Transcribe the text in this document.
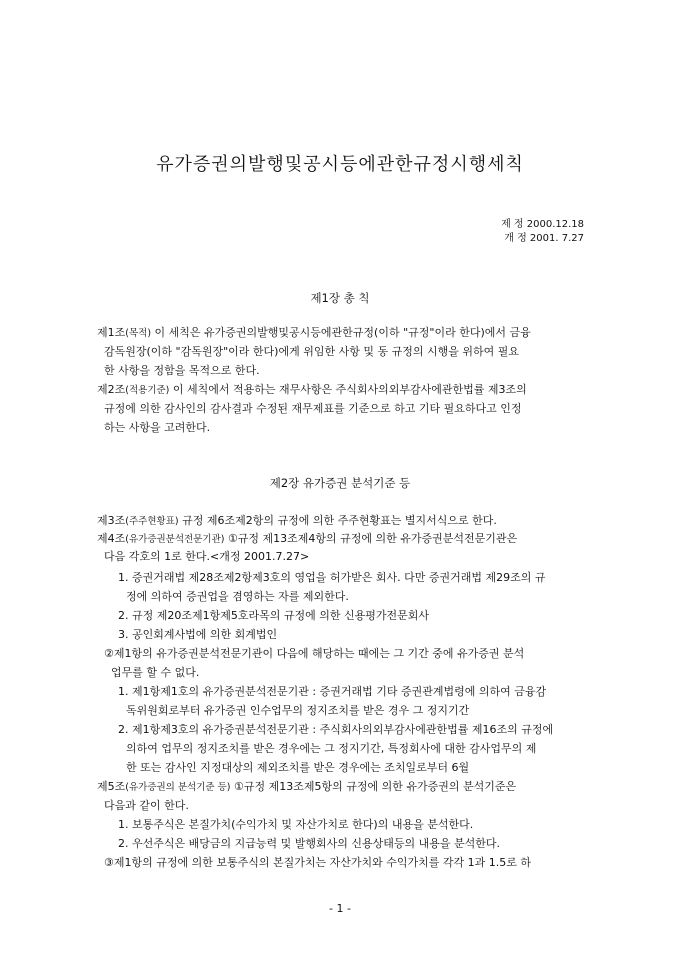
유가증권의발행및공시등에관한규정시행세칙
제 정 2000.12.18
개 정 2001. 7.27
제1장 총 칙
제1조(목적) 이 세칙은 유가증권의발행및공시등에관한규정(이하 "규정"이라 한다)에서 금융
감독원장(이하 "감독원장"이라 한다)에게 위임한 사항 및 동 규정의 시행을 위하여 필요
한 사항을 정함을 목적으로 한다.
제2조(적용기준) 이 세칙에서 적용하는 재무사항은 주식회사의외부감사에관한법률 제3조의
규정에 의한 감사인의 감사결과 수정된 재무제표를 기준으로 하고 기타 필요하다고 인정
하는 사항을 고려한다.
제2장 유가증권 분석기준 등
제3조(주주현황표) 규정 제6조제2항의 규정에 의한 주주현황표는 별지서식으로 한다.
제4조(유가증권분석전문기관) ①규정 제13조제4항의 규정에 의한 유가증권분석전문기관은
다음 각호의 1로 한다.<개정 2001.7.27>
1. 증권거래법 제28조제2항제3호의 영업을 허가받은 회사. 다만 증권거래법 제29조의 규
정에 의하여 증권업을 겸영하는 자를 제외한다.
2. 규정 제20조제1항제5호라목의 규정에 의한 신용평가전문회사
3. 공인회계사법에 의한 회계법인
②제1항의 유가증권분석전문기관이 다음에 해당하는 때에는 그 기간 중에 유가증권 분석
업무를 할 수 없다.
1. 제1항제1호의 유가증권분석전문기관 : 증권거래법 기타 증권관계법령에 의하여 금융감
독위원회로부터 유가증권 인수업무의 정지조치를 받은 경우 그 정지기간
2. 제1항제3호의 유가증권분석전문기관 : 주식회사의외부감사에관한법률 제16조의 규정에
의하여 업무의 정지조치를 받은 경우에는 그 정지기간, 특정회사에 대한 감사업무의 제
한 또는 감사인 지정대상의 제외조치를 받은 경우에는 조치일로부터 6월
제5조(유가증권의 분석기준 등) ①규정 제13조제5항의 규정에 의한 유가증권의 분석기준은
다음과 같이 한다.
1. 보통주식은 본질가치(수익가치 및 자산가치로 한다)의 내용을 분석한다.
2. 우선주식은 배당금의 지급능력 및 발행회사의 신용상태등의 내용을 분석한다.
③제1항의 규정에 의한 보통주식의 본질가치는 자산가치와 수익가치를 각각 1과 1.5로 하
- 1 -
